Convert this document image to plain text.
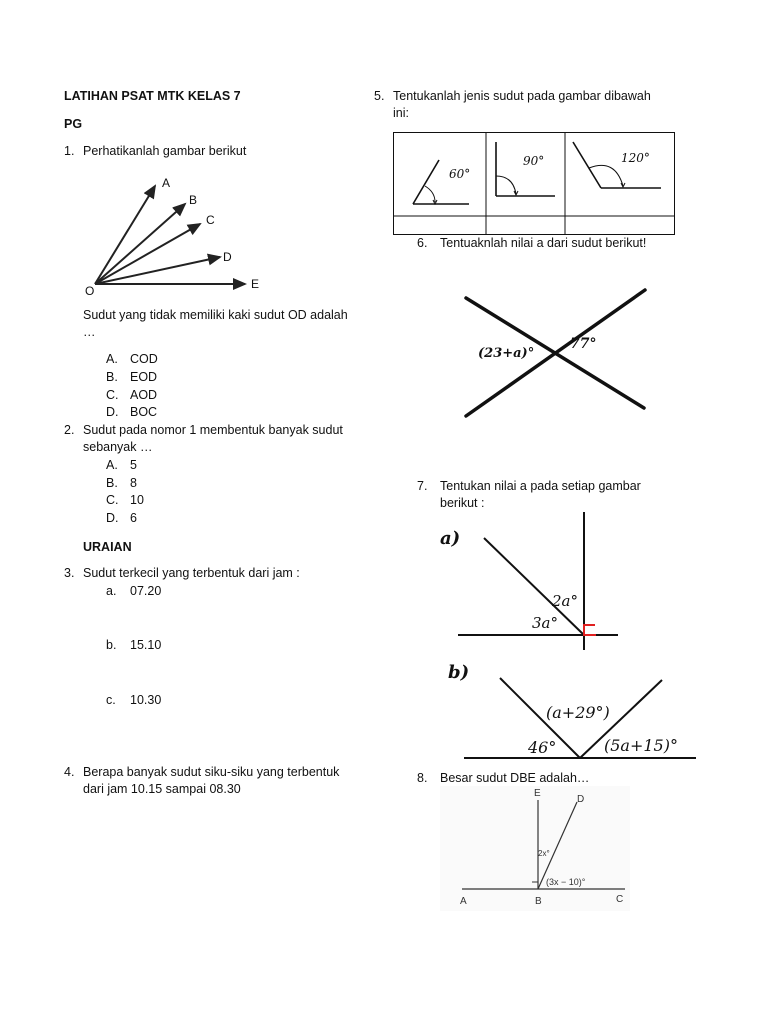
LATIHAN PSAT MTK KELAS 7
PG
1. Perhatikanlah gambar berikut
A
B
C
D
E
O
Sudut yang tidak memiliki kaki sudut OD adalah
…
A. COD
B. EOD
C. AOD
D. BOC
2. Sudut pada nomor 1 membentuk banyak sudut
sebanyak …
A. 5
B. 8
C. 10
D. 6
URAIAN
3. Sudut terkecil yang terbentuk dari jam :
a. 07.20
b. 15.10
c. 10.30
4. Berapa banyak sudut siku-siku yang terbentuk
dari jam 10.15 sampai 08.30
5. Tentukanlah jenis sudut pada gambar dibawah
ini:
60°
90°	120°
6. Tentuaknlah nilai a dari sudut berikut!
(23+a)°
77°
7. Tentukan nilai a pada setiap gambar
berikut :
a)
2a°
3a°
b)
(a+29°)
46°	(5a+15)°
8. Besar sudut DBE adalah…
E
D
2x°
(3x − 10)°
A	B	C
